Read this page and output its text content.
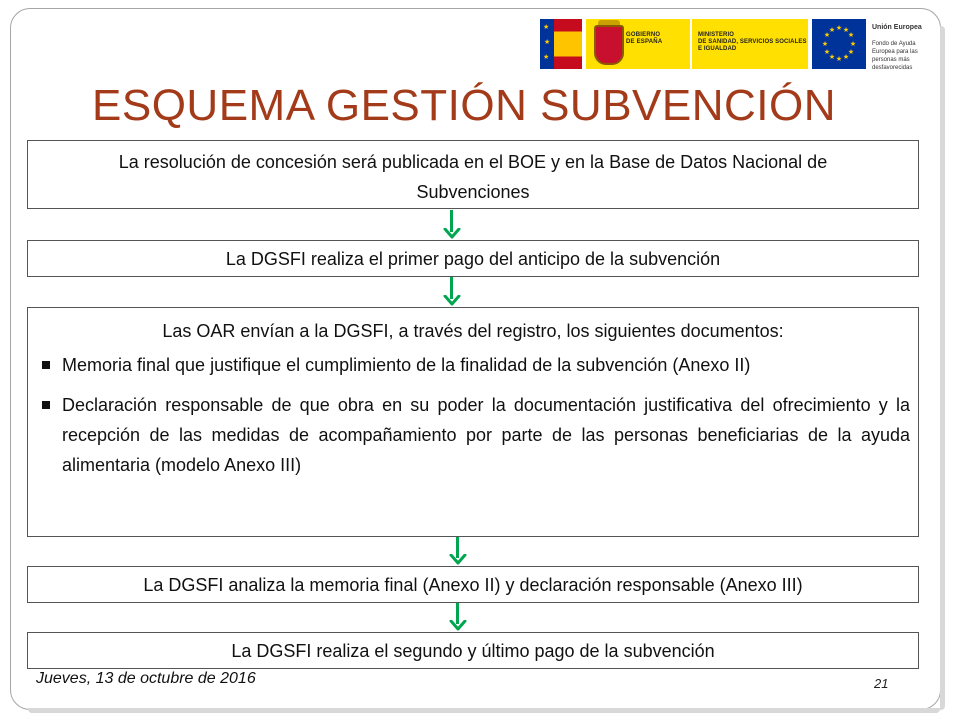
★
★
★
GOBIERNO
DE ESPAÑA
MINISTERIO
DE SANIDAD, SERVICIOS SOCIALES
E IGUALDAD
★ ★
★
★
★
★
★
★
★
★
★
★	Unión Europea
Fondo de Ayuda Europea para las personas más desfavorecidas
ESQUEMA GESTIÓN SUBVENCIÓN
La resolución de concesión será publicada en el BOE y en la Base de Datos Nacional de Subvenciones
La DGSFI realiza el primer pago del anticipo de la subvención
Las OAR envían a la DGSFI, a través del registro, los siguientes documentos:
Memoria final que justifique el cumplimiento de la finalidad de la subvención (Anexo II)
Declaración responsable de que obra en su poder la documentación justificativa del ofrecimiento y la recepción de las medidas de acompañamiento por parte de las personas beneficiarias de la ayuda alimentaria (modelo Anexo III)
La DGSFI analiza la memoria final (Anexo II) y declaración responsable (Anexo III)
La DGSFI realiza el segundo y último pago de la subvención
Jueves, 13 de octubre de 2016	21
